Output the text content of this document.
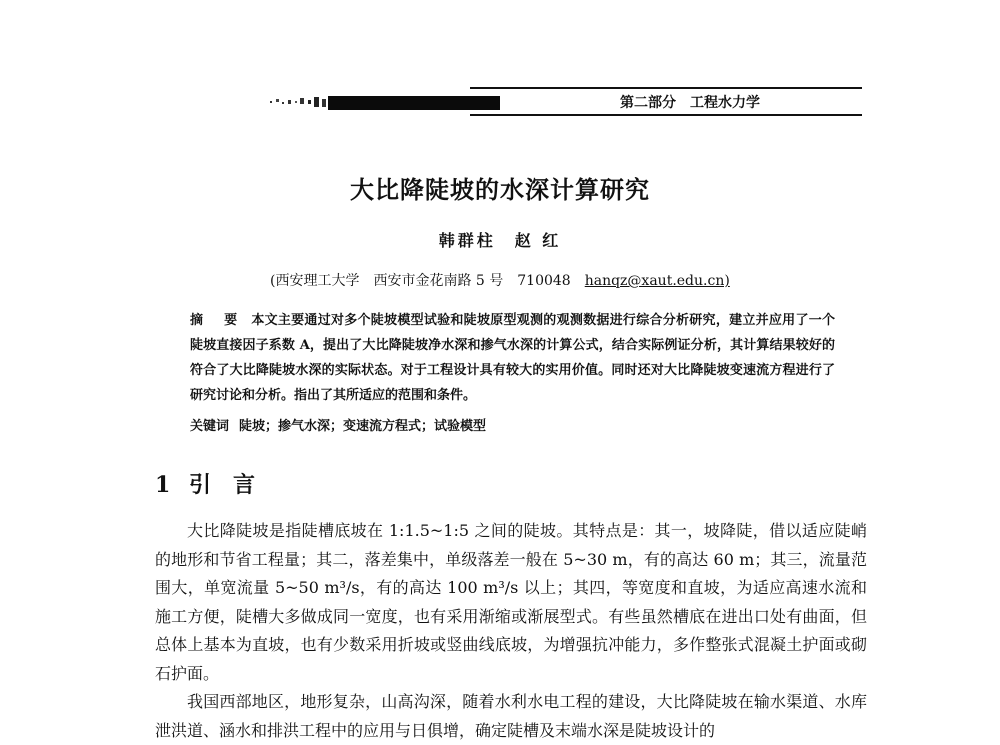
第二部分　工程水力学
大比降陡坡的水深计算研究
韩群柱　赵 红
(西安理工大学　西安市金花南路 5 号　710048　hanqz@xaut.edu.cn)
摘 要 本文主要通过对多个陡坡模型试验和陡坡原型观测的观测数据进行综合分析研究，建立并应用了一个陡坡直接因子系数 A，提出了大比降陡坡净水深和掺气水深的计算公式，结合实际例证分析，其计算结果较好的符合了大比降陡坡水深的实际状态。对于工程设计具有较大的实用价值。同时还对大比降陡坡变速流方程进行了研究讨论和分析。指出了其所适应的范围和条件。
关键词 陡坡；掺气水深；变速流方程式；试验模型
1 引言

大比降陡坡是指陡槽底坡在 1:1.5~1:5 之间的陡坡。其特点是：其一，坡降陡，借以适应陡峭的地形和节省工程量；其二，落差集中，单级落差一般在 5~30 m，有的高达 60 m；其三，流量范围大，单宽流量 5~50 m³/s，有的高达 100 m³/s 以上；其四，等宽度和直坡，为适应高速水流和施工方便，陡槽大多做成同一宽度，也有采用渐缩或渐展型式。有些虽然槽底在进出口处有曲面，但总体上基本为直坡，也有少数采用折坡或竖曲线底坡，为增强抗冲能力，多作整张式混凝土护面或砌石护面。

我国西部地区，地形复杂，山高沟深，随着水利水电工程的建设，大比降陡坡在输水渠道、水库泄洪道、涵水和排洪工程中的应用与日俱增，确定陡槽及末端水深是陡坡设计的
